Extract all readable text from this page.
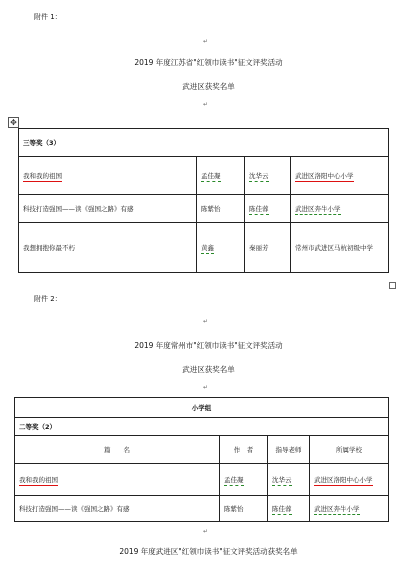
附件 1：
↵
2019 年度江苏省"红领巾读书"征文评奖活动
武进区获奖名单
↵
✥
三等奖（3）			
我和我的祖国	孟佳凝	沈华云	武进区洛阳中心小学
科技打造强国——读《强国之路》有感	陈紫怡	陈佳蓉	武进区奔牛小学
我想拥抱你最不朽	黄鑫	秦丽芳	常州市武进区马杭初级中学
附件 2：
↵
2019 年度常州市"红领巾读书"征文评奖活动
武进区获奖名单
↵
小学组			
二等奖（2）			
篇　　名	作　者	指导老师	所属学校
我和我的祖国	孟佳凝	沈华云	武进区洛阳中心小学
科技打造强国——读《强国之路》有感	陈紫怡	陈佳蓉	武进区奔牛小学
↵
2019 年度武进区"红领巾读书"征文评奖活动获奖名单
